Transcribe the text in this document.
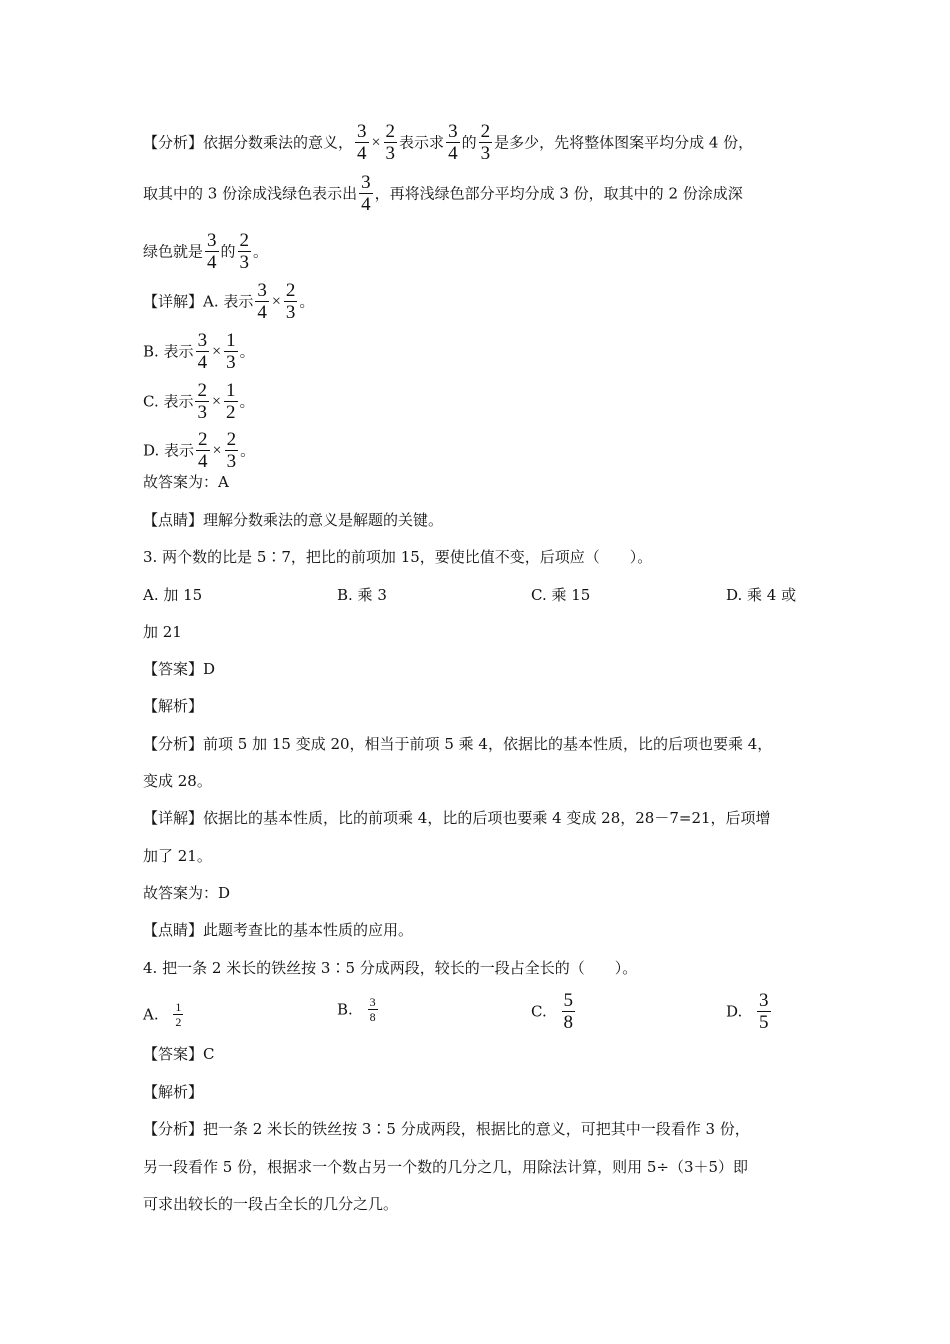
【分析】依据分数乘法的意义， $\frac{3}{4} \times \frac{2}{3}$ 表示求 $\frac{3}{4}$ 的 $\frac{2}{3}$ 是多少，先将整体图案平均分成 4 份，
取其中的 3 份涂成浅绿色表示出 $\frac{3}{4}$ ，再将浅绿色部分平均分成 3 份，取其中的 2 份涂成深
绿色就是 $\frac{3}{4}$ 的 $\frac{2}{3}$ 。
【详解】A. 表示 $\frac{3}{4} \times \frac{2}{3}$ 。
B. 表示 $\frac{3}{4} \times \frac{1}{3}$ 。
C. 表示 $\frac{2}{3} \times \frac{1}{2}$ 。
D. 表示 $\frac{2}{4} \times \frac{2}{3}$ 。
故答案为：A
【点睛】理解分数乘法的意义是解题的关键。
3. 两个数的比是 5∶7，把比的前项加 15，要使比值不变，后项应（　　）。
A. 加 15	B. 乘 3	C. 乘 15	D. 乘 4 或
加 21
【答案】D
【解析】
【分析】前项 5 加 15 变成 20，相当于前项 5 乘 4，依据比的基本性质，比的后项也要乘 4，
变成 28。
【详解】依据比的基本性质，比的前项乘 4，比的后项也要乘 4 变成 28，28－7=21，后项增
加了 21。
故答案为：D
【点睛】此题考查比的基本性质的应用。
4. 把一条 2 米长的铁丝按 3∶5 分成两段，较长的一段占全长的（　　）。
A. $\frac{1}{2}$	B. $\frac{3}{8}$	C. $\frac{5}{8}$	D. $\frac{3}{5}$
【答案】C
【解析】
【分析】把一条 2 米长的铁丝按 3∶5 分成两段，根据比的意义，可把其中一段看作 3 份，
另一段看作 5 份，根据求一个数占另一个数的几分之几，用除法计算，则用 5÷（3＋5）即
可求出较长的一段占全长的几分之几。
